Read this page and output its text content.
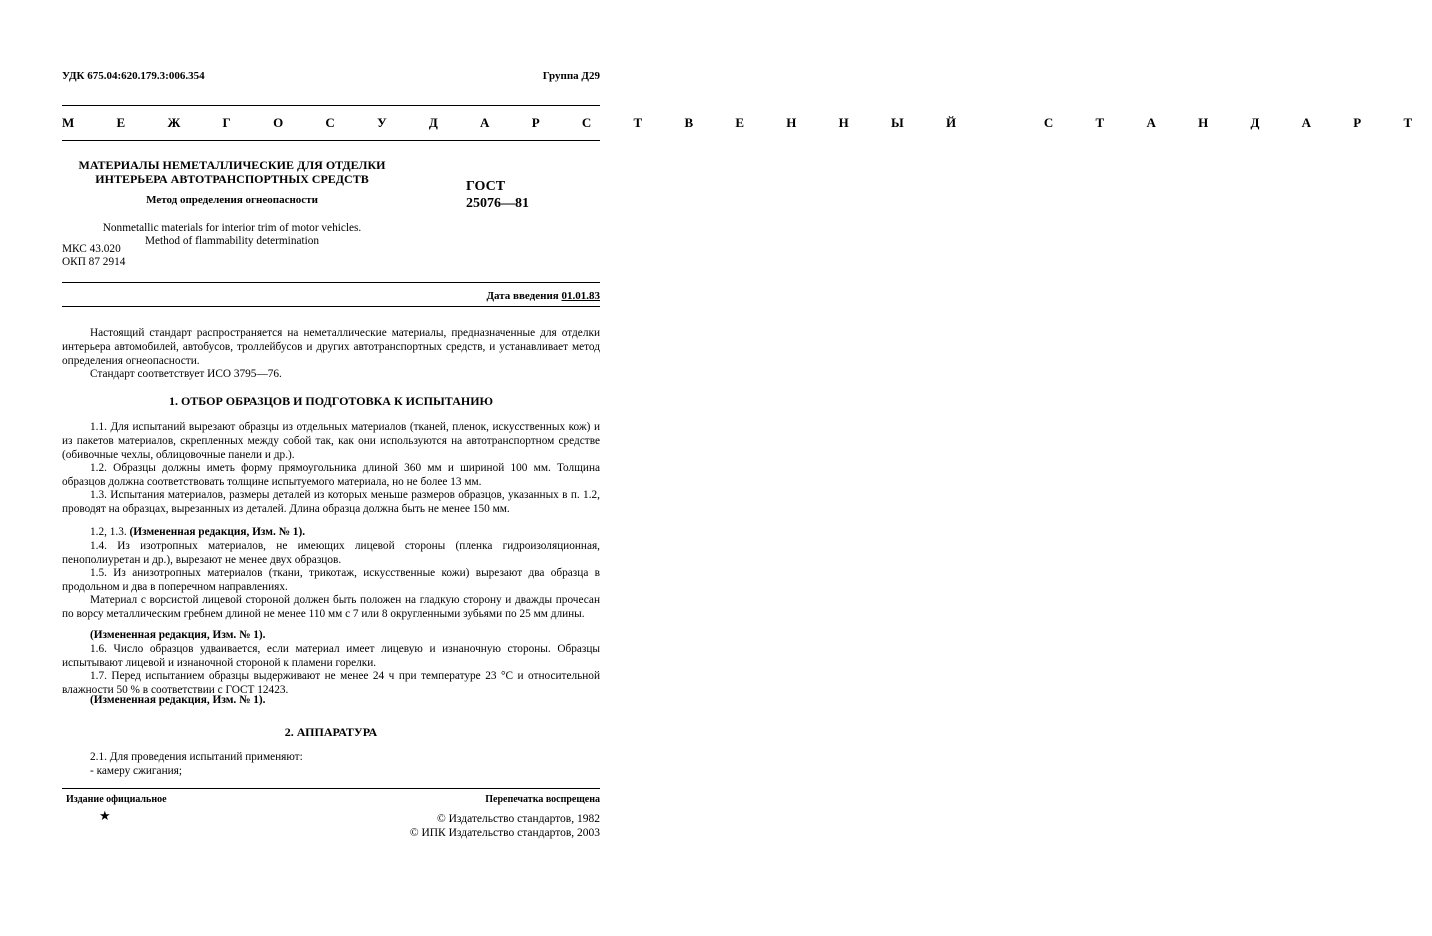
УДК 675.04:620.179.3:006.354	Группа Д29
М Е Ж Г О С У Д А Р С Т В Е Н Н Ы Й   С Т А Н Д А Р Т
МАТЕРИАЛЫ НЕМЕТАЛЛИЧЕСКИЕ ДЛЯ ОТДЕЛКИ
ИНТЕРЬЕРА АВТОТРАНСПОРТНЫХ СРЕДСТВ
Метод определения огнеопасности
Nonmetallic materials for interior trim of motor vehicles.
Method of flammability determination
ГОСТ
25076—81
МКС 43.020
ОКП 87 2914
Дата введения 01.01.83
Настоящий стандарт распространяется на неметаллические материалы, предназначенные для отделки интерьера автомобилей, автобусов, троллейбусов и других автотранспортных средств, и устанавливает метод определения огнеопасности.
Стандарт соответствует ИСО 3795—76.
1. ОТБОР ОБРАЗЦОВ И ПОДГОТОВКА К ИСПЫТАНИЮ
1.1. Для испытаний вырезают образцы из отдельных материалов (тканей, пленок, искусственных кож) и из пакетов материалов, скрепленных между собой так, как они используются на автотранспортном средстве (обивочные чехлы, облицовочные панели и др.).
1.2. Образцы должны иметь форму прямоугольника длиной 360 мм и шириной 100 мм. Толщина образцов должна соответствовать толщине испытуемого материала, но не более 13 мм.
1.3. Испытания материалов, размеры деталей из которых меньше размеров образцов, указанных в п. 1.2, проводят на образцах, вырезанных из деталей. Длина образца должна быть не менее 150 мм.
1.2, 1.3. (Измененная редакция, Изм. № 1).
1.4. Из изотропных материалов, не имеющих лицевой стороны (пленка гидроизоляционная, пенополиуретан и др.), вырезают не менее двух образцов.
1.5. Из анизотропных материалов (ткани, трикотаж, искусственные кожи) вырезают два образца в продольном и два в поперечном направлениях.
Материал с ворсистой лицевой стороной должен быть положен на гладкую сторону и дважды прочесан по ворсу металлическим гребнем длиной не менее 110 мм с 7 или 8 округленными зубьями по 25 мм длины.
(Измененная редакция, Изм. № 1).
1.6. Число образцов удваивается, если материал имеет лицевую и изнаночную стороны. Образцы испытывают лицевой и изнаночной стороной к пламени горелки.
1.7. Перед испытанием образцы выдерживают не менее 24 ч при температуре 23 °С и относительной влажности 50 % в соответствии с ГОСТ 12423.
(Измененная редакция, Изм. № 1).
2. АППАРАТУРА
2.1. Для проведения испытаний применяют:
- камеру сжигания;
Издание официальное	Перепечатка воспрещена
★	© Издательство стандартов, 1982
© ИПК Издательство стандартов, 2003
